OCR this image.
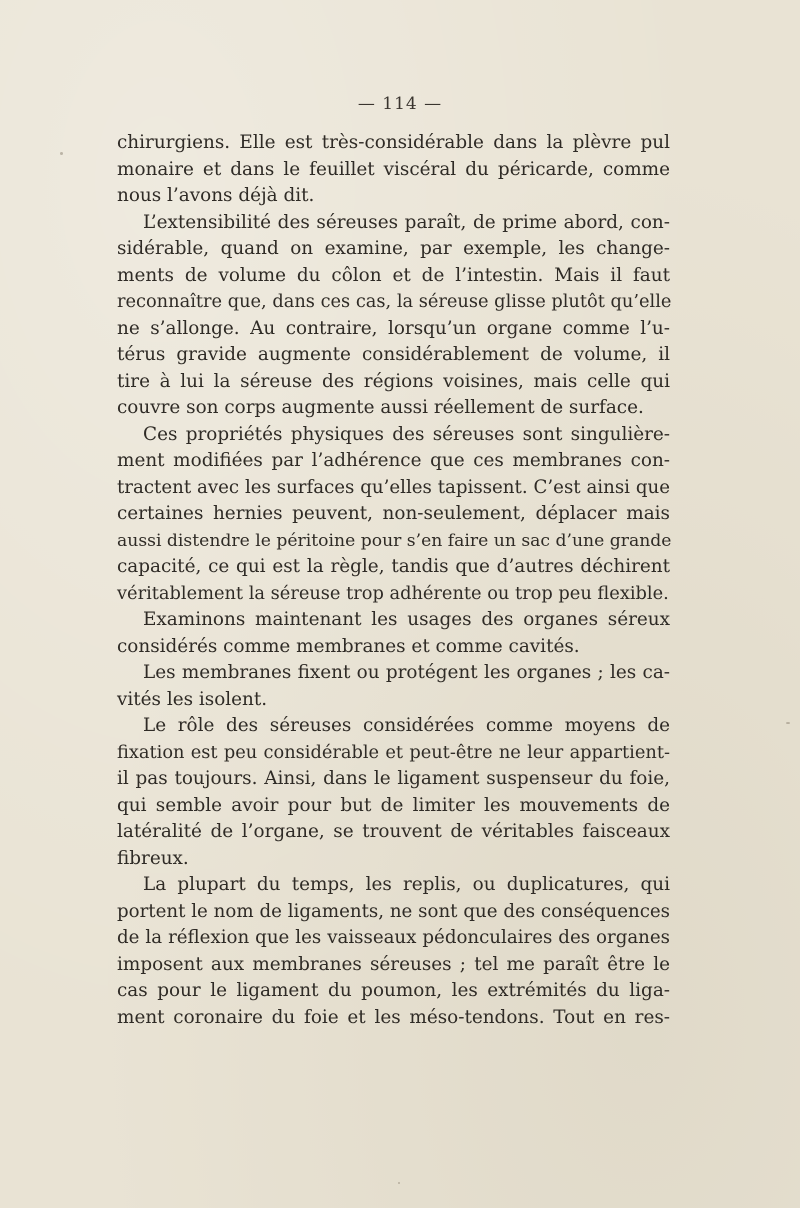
— 114 —
chirurgiens. Elle est très-considérable dans la plèvre pul
monaire et dans le feuillet viscéral du péricarde, comme
nous l’avons déjà dit.
L’extensibilité des séreuses paraît, de prime abord, con-
sidérable, quand on examine, par exemple, les change-
ments de volume du côlon et de l’intestin. Mais il faut
reconnaître que, dans ces cas, la séreuse glisse plutôt qu’elle
ne s’allonge. Au contraire, lorsqu’un organe comme l’u-
térus gravide augmente considérablement de volume, il
tire à lui la séreuse des régions voisines, mais celle qui
couvre son corps augmente aussi réellement de surface.
Ces propriétés physiques des séreuses sont singulière-
ment modifiées par l’adhérence que ces membranes con-
tractent avec les surfaces qu’elles tapissent. C’est ainsi que
certaines hernies peuvent, non-seulement, déplacer mais
aussi distendre le péritoine pour s’en faire un sac d’une grande
capacité, ce qui est la règle, tandis que d’autres déchirent
véritablement la séreuse trop adhérente ou trop peu flexible.
Examinons maintenant les usages des organes séreux
considérés comme membranes et comme cavités.
Les membranes fixent ou protégent les organes ; les ca-
vités les isolent.
Le rôle des séreuses considérées comme moyens de
fixation est peu considérable et peut-être ne leur appartient-
il pas toujours. Ainsi, dans le ligament suspenseur du foie,
qui semble avoir pour but de limiter les mouvements de
latéralité de l’organe, se trouvent de véritables faisceaux
fibreux.
La plupart du temps, les replis, ou duplicatures, qui
portent le nom de ligaments, ne sont que des conséquences
de la réflexion que les vaisseaux pédonculaires des organes
imposent aux membranes séreuses ; tel me paraît être le
cas pour le ligament du poumon, les extrémités du liga-
ment coronaire du foie et les méso-tendons. Tout en res-
